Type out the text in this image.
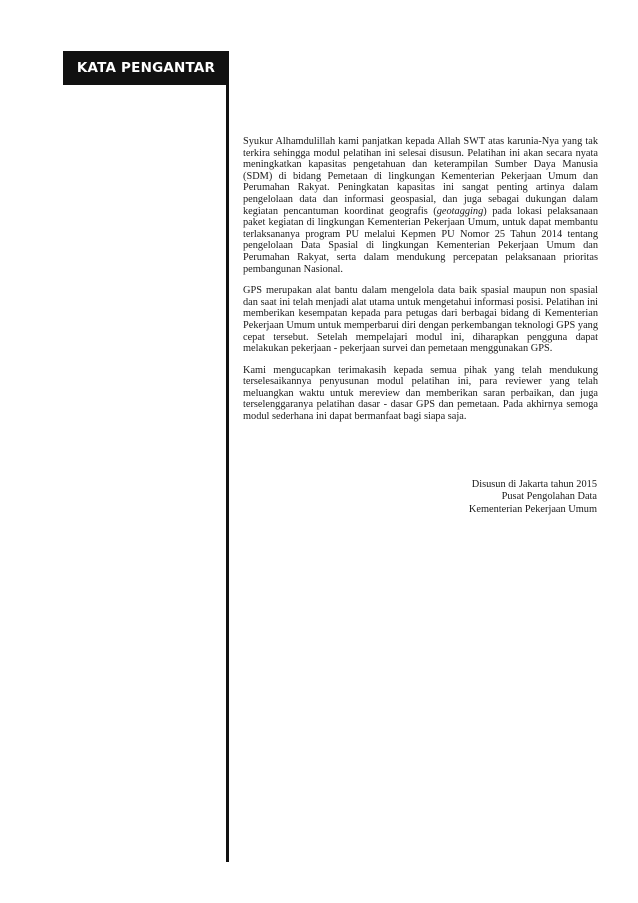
KATA PENGANTAR

Syukur Alhamdulillah kami panjatkan kepada Allah SWT atas karunia-Nya yang tak terkira sehingga modul pelatihan ini selesai disusun. Pelatihan ini akan secara nyata meningkatkan kapasitas pengetahuan dan keterampilan Sumber Daya Manusia (SDM) di bidang Pemetaan di lingkungan Kementerian Pekerjaan Umum dan Perumahan Rakyat. Peningkatan kapasitas ini sangat penting artinya dalam pengelolaan data dan informasi geospasial, dan juga sebagai dukungan dalam kegiatan pencantuman koordinat geografis (geotagging) pada lokasi pelaksanaan paket kegiatan di lingkungan Kementerian Pekerjaan Umum, untuk dapat membantu terlaksananya program PU melalui Kepmen PU Nomor 25 Tahun 2014 tentang pengelolaan Data Spasial di lingkungan Kementerian Pekerjaan Umum dan Perumahan Rakyat, serta dalam mendukung percepatan pelaksanaan prioritas pembangunan Nasional.

GPS merupakan alat bantu dalam mengelola data baik spasial maupun non spasial dan saat ini telah menjadi alat utama untuk mengetahui informasi posisi. Pelatihan ini memberikan kesempatan kepada para petugas dari berbagai bidang di Kementerian Pekerjaan Umum untuk memperbarui diri dengan perkembangan teknologi GPS yang cepat tersebut. Setelah mempelajari modul ini, diharapkan pengguna dapat melakukan pekerjaan - pekerjaan survei dan pemetaan menggunakan GPS.

Kami mengucapkan terimakasih kepada semua pihak yang telah mendukung terselesaikannya penyusunan modul pelatihan ini, para reviewer yang telah meluangkan waktu untuk mereview dan memberikan saran perbaikan, dan juga terselenggaranya pelatihan dasar - dasar GPS dan pemetaan. Pada akhirnya semoga modul sederhana ini dapat bermanfaat bagi siapa saja.

Disusun di Jakarta tahun 2015
Pusat Pengolahan Data
Kementerian Pekerjaan Umum
